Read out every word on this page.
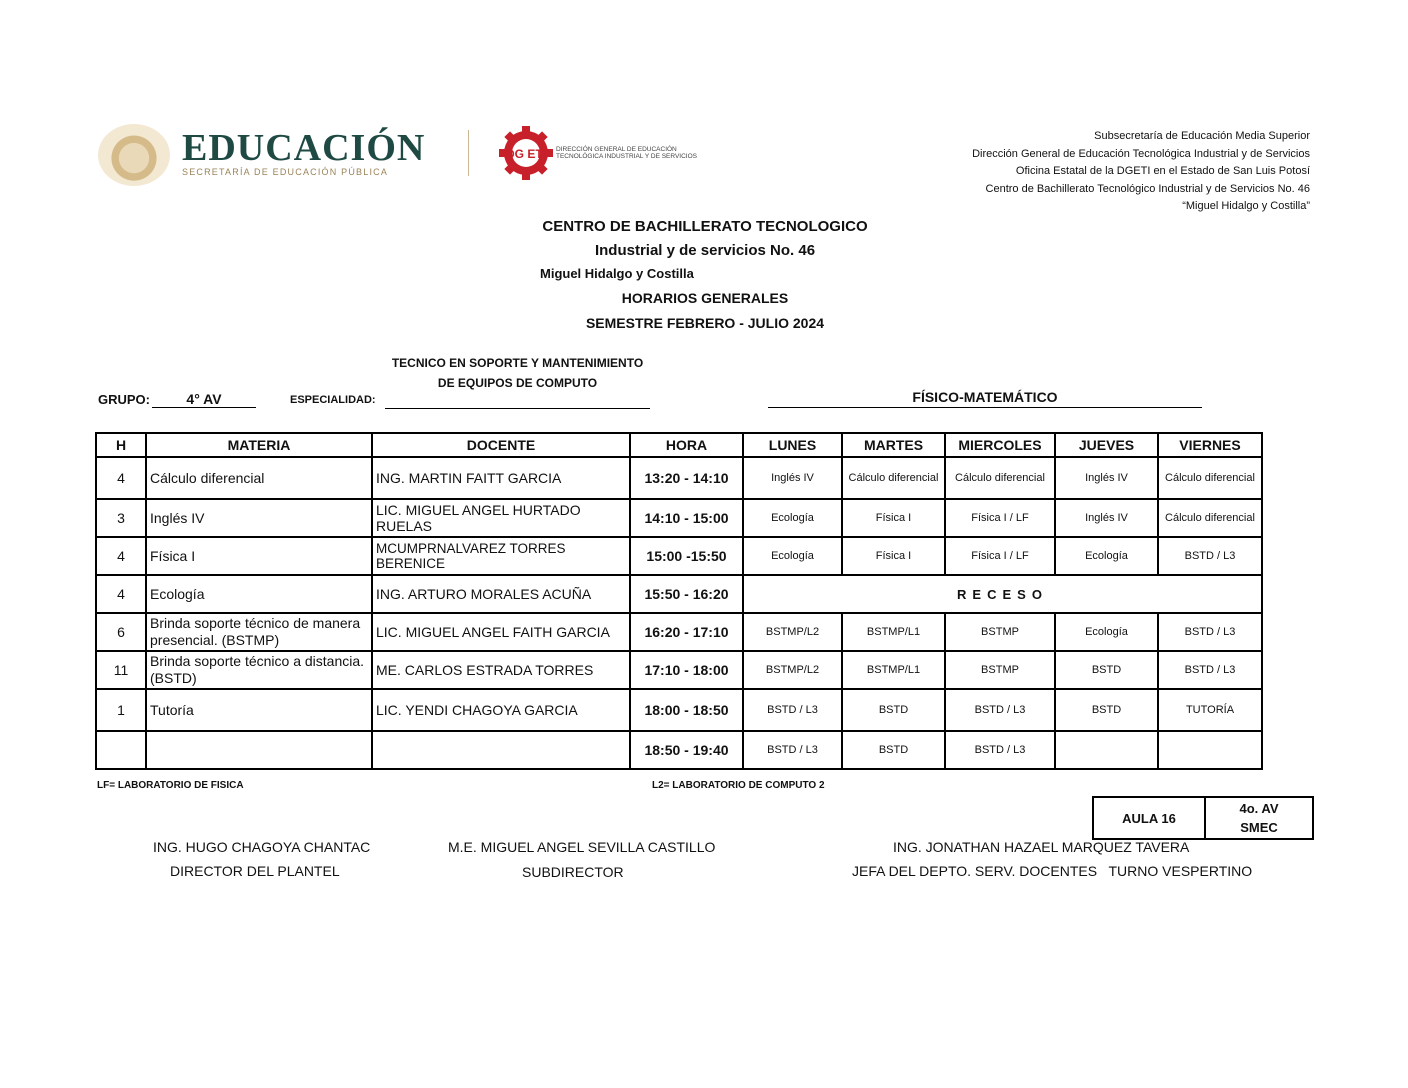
EDUCACIÓN
SECRETARÍA DE EDUCACIÓN PÚBLICA
DG ETI DIRECCIÓN GENERAL DE EDUCACIÓN
TECNOLÓGICA INDUSTRIAL Y DE SERVICIOS
Subsecretaría de Educación Media Superior
Dirección General de Educación Tecnológica Industrial y de Servicios
Oficina Estatal de la DGETI en el Estado de San Luis Potosí
Centro de Bachillerato Tecnológico Industrial y de Servicios No. 46
“Miguel Hidalgo y Costilla”
CENTRO DE BACHILLERATO TECNOLOGICO
Industrial y de servicios No. 46
Miguel Hidalgo y Costilla
HORARIOS GENERALES
SEMESTRE FEBRERO - JULIO 2024
GRUPO:	4° AV	ESPECIALIDAD:
TECNICO EN SOPORTE Y MANTENIMIENTO DE EQUIPOS DE COMPUTO
FÍSICO-MATEMÁTICO
H	MATERIA	DOCENTE	HORA	LUNES	MARTES	MIERCOLES	JUEVES	VIERNES
4	Cálculo diferencial	ING. MARTIN FAITT GARCIA	13:20 - 14:10	Inglés IV	Cálculo diferencial	Cálculo diferencial	Inglés IV	Cálculo diferencial
3	Inglés IV	LIC. MIGUEL ANGEL HURTADO RUELAS	14:10 - 15:00	Ecología	Física I	Física I / LF	Inglés IV	Cálculo diferencial
4	Física I	MCUMPRNALVAREZ TORRES BERENICE	15:00 -15:50	Ecología	Física I	Física I / LF	Ecología	BSTD / L3
4	Ecología	ING. ARTURO MORALES ACUÑA	15:50 - 16:20	RECESO				
6	Brinda soporte técnico de manera presencial. (BSTMP)	LIC. MIGUEL ANGEL FAITH GARCIA	16:20 - 17:10	BSTMP/L2	BSTMP/L1	BSTMP	Ecología	BSTD / L3
11	Brinda soporte técnico a distancia. (BSTD)	ME. CARLOS ESTRADA TORRES	17:10 - 18:00	BSTMP/L2	BSTMP/L1	BSTMP	BSTD	BSTD / L3
1	Tutoría	LIC. YENDI CHAGOYA GARCIA	18:00 - 18:50	BSTD / L3	BSTD	BSTD / L3	BSTD	TUTORÍA
			18:50 - 19:40	BSTD / L3	BSTD	BSTD / L3		
LF= LABORATORIO DE FISICA	L2= LABORATORIO DE COMPUTO 2
AULA 16	
4o. AV
SMEC
ING. HUGO CHAGOYA CHANTAC
DIRECTOR DEL PLANTEL
M.E. MIGUEL ANGEL SEVILLA CASTILLO
SUBDIRECTOR
ING. JONATHAN HAZAEL MARQUEZ TAVERA
JEFA DEL DEPTO. SERV. DOCENTES   TURNO VESPERTINO
